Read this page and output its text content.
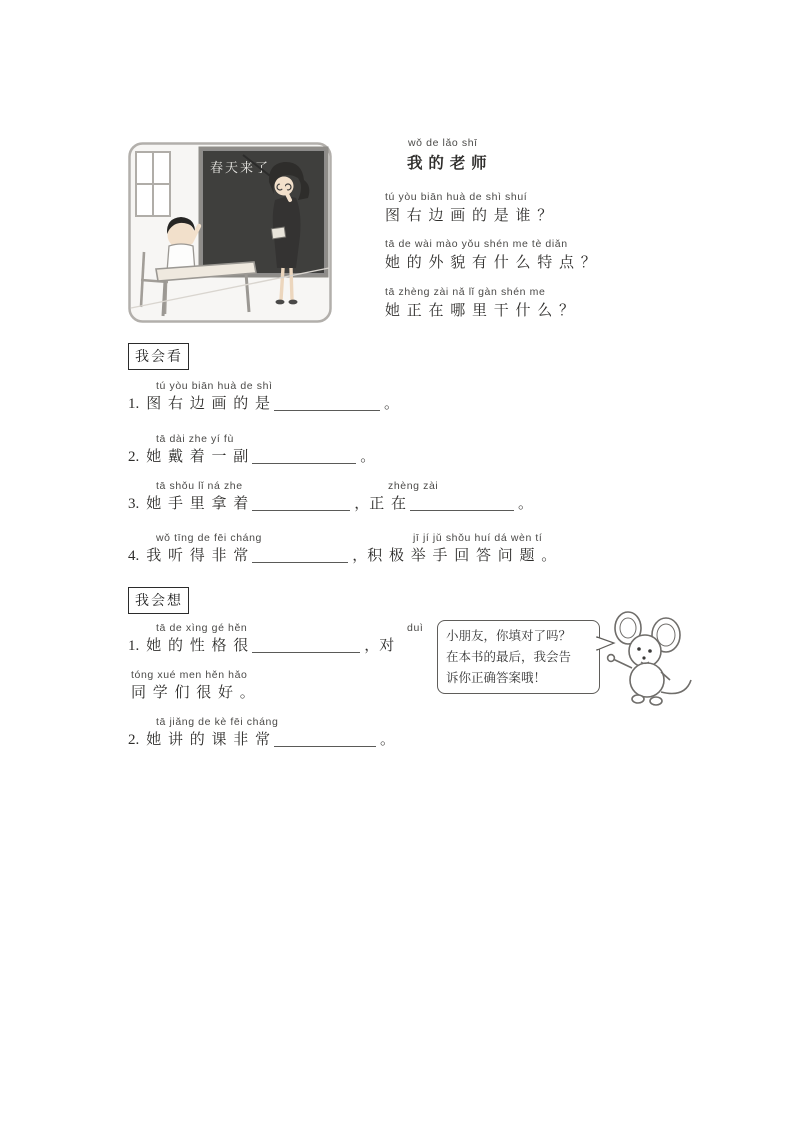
春天来了
wǒ de lǎo shī
我 的 老 师
tú yòu biān huà de shì shuí
图 右 边 画 的 是 谁 ？
tā de wài mào yǒu shén me tè diǎn
她 的 外 貌 有 什 么 特 点 ？
tā zhèng zài nǎ lǐ gàn shén me
她 正 在 哪 里 干 什 么 ？
我会看
tú yòu biān huà de shì
1. 图 右 边 画 的 是	。
tā dài zhe yí fù
2. 她 戴 着 一 副	。
tā shǒu lǐ ná zhe	zhèng zài
3. 她 手 里 拿 着	，正 在	。
wǒ tīng de fēi cháng	jī jí jǔ shǒu huí dá wèn tí
4. 我 听 得 非 常	，积 极 举 手 回 答 问 题 。
我会想
tā de xìng gé hěn	duì
1. 她 的 性 格 很	，对
小朋友，你填对了吗？
在本书的最后，我会告
诉你正确答案哦！
tóng xué men hěn hǎo
同 学 们 很 好 。
tā jiǎng de kè fēi cháng
2. 她 讲 的 课 非 常	。
